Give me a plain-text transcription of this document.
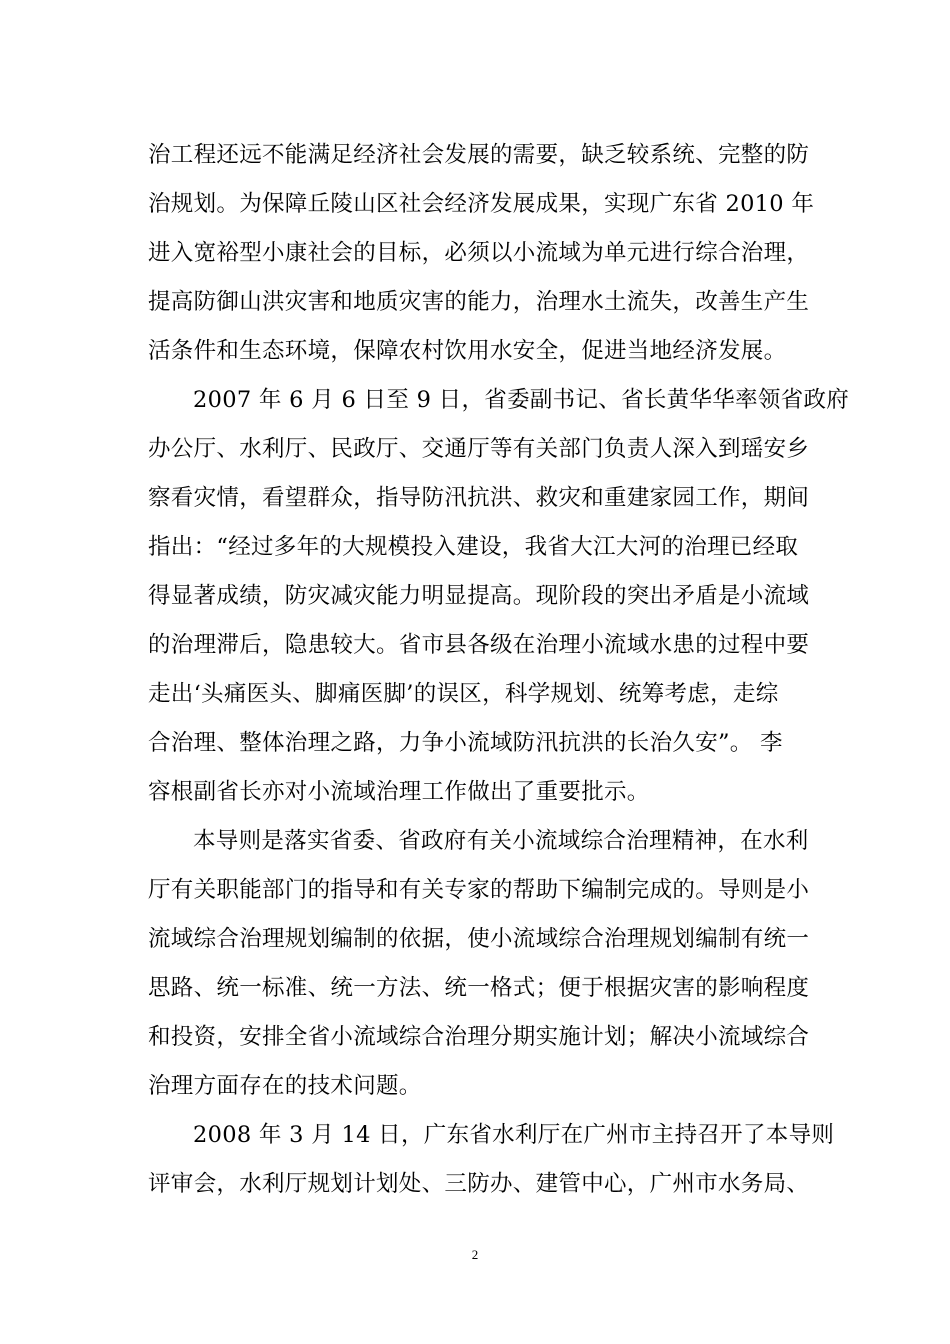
治工程还远不能满足经济社会发展的需要，缺乏较系统、完整的防
治规划。为保障丘陵山区社会经济发展成果，实现广东省 2010 年
进入宽裕型小康社会的目标，必须以小流域为单元进行综合治理，
提高防御山洪灾害和地质灾害的能力，治理水土流失，改善生产生
活条件和生态环境，保障农村饮用水安全，促进当地经济发展。
2007 年 6 月 6 日至 9 日，省委副书记、省长黄华华率领省政府
办公厅、水利厅、民政厅、交通厅等有关部门负责人深入到瑶安乡
察看灾情，看望群众，指导防汛抗洪、救灾和重建家园工作，期间
指出：“经过多年的大规模投入建设，我省大江大河的治理已经取
得显著成绩，防灾减灾能力明显提高。现阶段的突出矛盾是小流域
的治理滞后，隐患较大。省市县各级在治理小流域水患的过程中要
走出‘头痛医头、脚痛医脚’的误区，科学规划、统筹考虑，走综
合治理、整体治理之路，力争小流域防汛抗洪的长治久安”。 李
容根副省长亦对小流域治理工作做出了重要批示。
本导则是落实省委、省政府有关小流域综合治理精神，在水利
厅有关职能部门的指导和有关专家的帮助下编制完成的。导则是小
流域综合治理规划编制的依据，使小流域综合治理规划编制有统一
思路、统一标准、统一方法、统一格式；便于根据灾害的影响程度
和投资，安排全省小流域综合治理分期实施计划；解决小流域综合
治理方面存在的技术问题。
2008 年 3 月 14 日，广东省水利厅在广州市主持召开了本导则
评审会，水利厅规划计划处、三防办、建管中心，广州市水务局、
2
